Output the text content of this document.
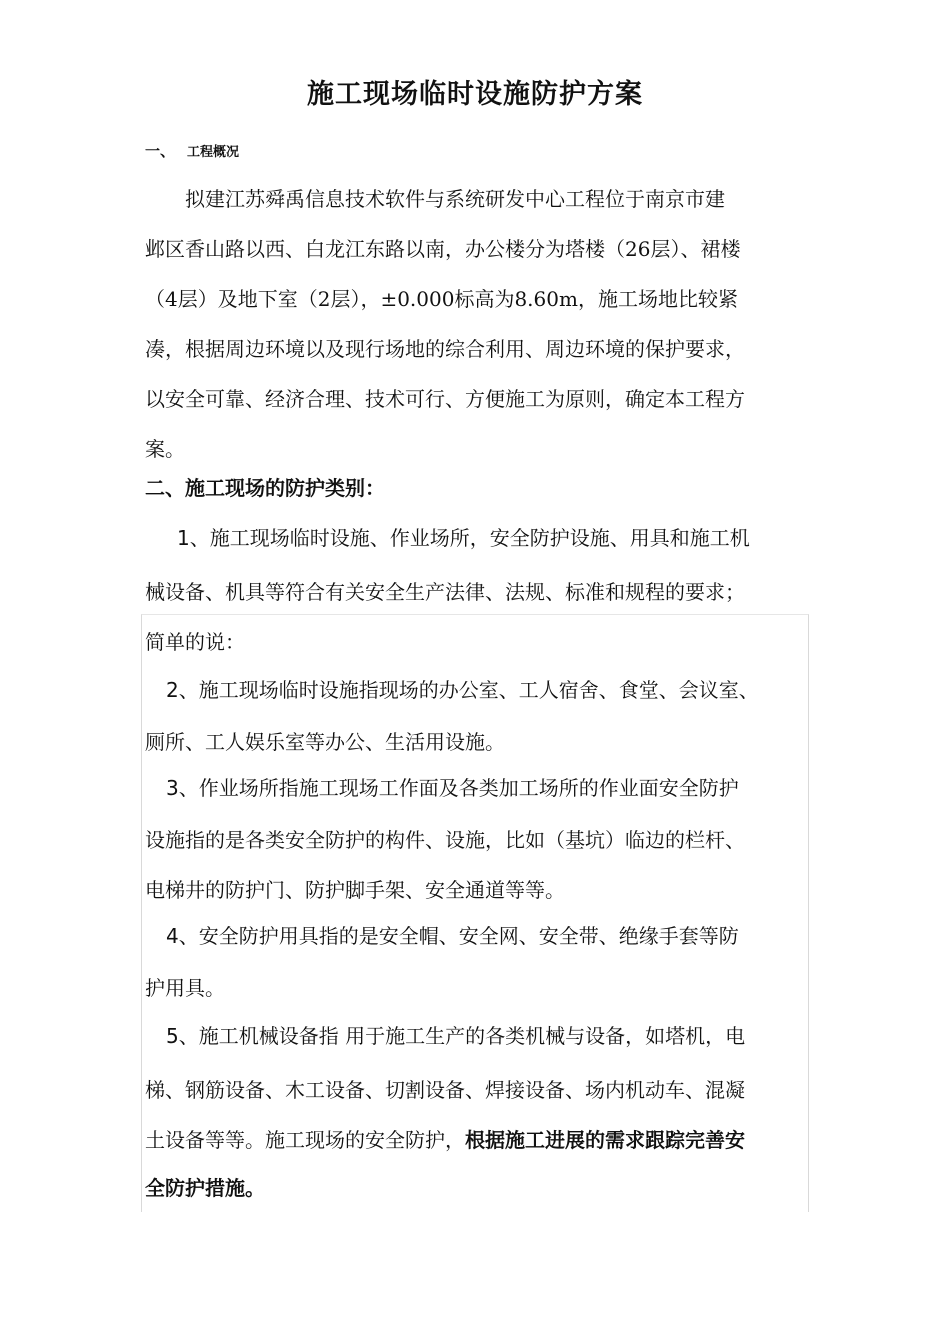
施工现场临时设施防护方案
一、 工程概况
拟建江苏舜禹信息技术软件与系统研发中心工程位于南京市建
邺区香山路以西、白龙江东路以南，办公楼分为塔楼（26层）、裙楼
（4层）及地下室（2层），±0.000标高为8.60m，施工场地比较紧
凑，根据周边环境以及现行场地的综合利用、周边环境的保护要求，
以安全可靠、经济合理、技术可行、方便施工为原则，确定本工程方
案。
二、施工现场的防护类别：
1、施工现场临时设施、作业场所，安全防护设施、用具和施工机
械设备、机具等符合有关安全生产法律、法规、标准和规程的要求；
简单的说：
2、施工现场临时设施指现场的办公室、工人宿舍、食堂、会议室、
厕所、工人娱乐室等办公、生活用设施。
3、作业场所指施工现场工作面及各类加工场所的作业面安全防护
设施指的是各类安全防护的构件、设施，比如（基坑）临边的栏杆、
电梯井的防护门、防护脚手架、安全通道等等。
4、安全防护用具指的是安全帽、安全网、安全带、绝缘手套等防
护用具。
5、施工机械设备指 用于施工生产的各类机械与设备，如塔机，电
梯、钢筋设备、木工设备、切割设备、焊接设备、场内机动车、混凝
土设备等等。施工现场的安全防护，根据施工进展的需求跟踪完善安
全防护措施。
